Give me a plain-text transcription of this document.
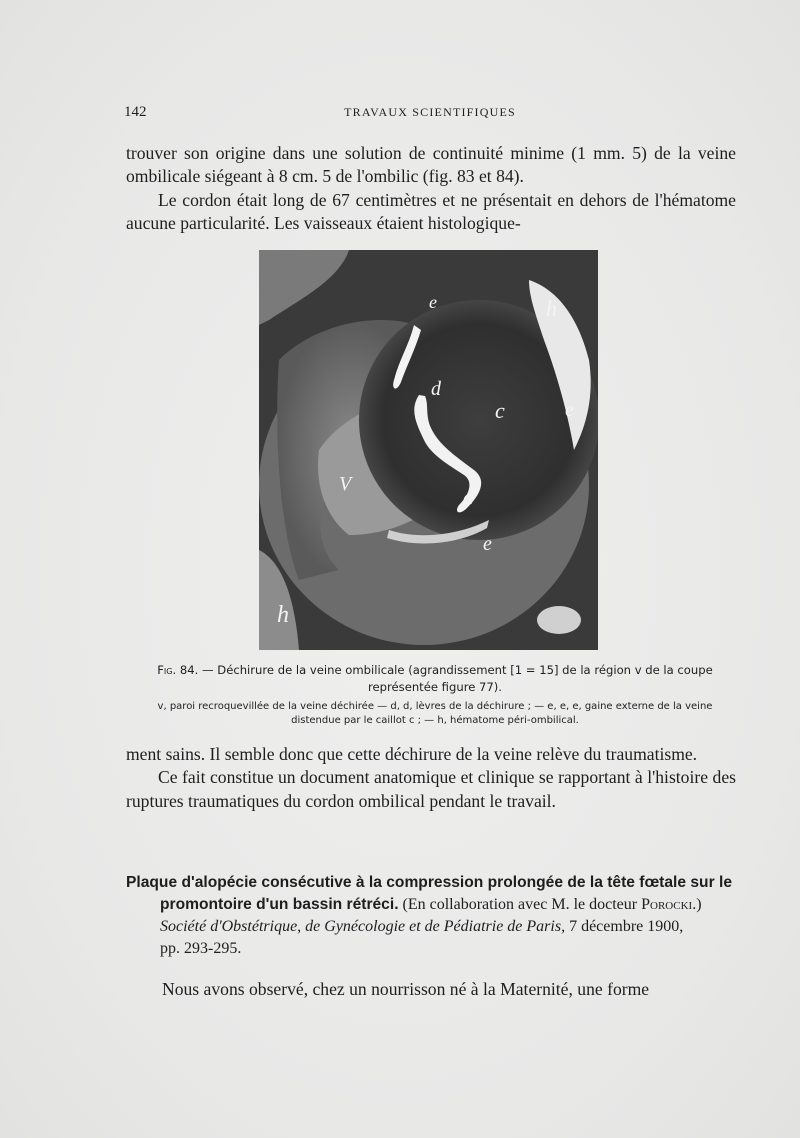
142	TRAVAUX SCIENTIFIQUES

trouver son origine dans une solution de continuité minime (1 mm. 5) de la veine ombilicale siégeant à 8 cm. 5 de l'ombilic (fig. 83 et 84).

Le cordon était long de 67 centimètres et ne présentait en dehors de l'hématome aucune particularité. Les vaisseaux étaient histologique-

e	h
d
c	e
V
d
e
h
Fig. 84. — Déchirure de la veine ombilicale (agrandissement [1 = 15] de la région v de la coupe représentée figure 77).
v, paroi recroquevillée de la veine déchirée — d, d, lèvres de la déchirure ; — e, e, e, gaine externe de la veine distendue par le caillot c ; — h, hématome péri-ombilical.

ment sains. Il semble donc que cette déchirure de la veine relève du traumatisme.

Ce fait constitue un document anatomique et clinique se rapportant à l'histoire des ruptures traumatiques du cordon ombilical pendant le travail.

Plaque d'alopécie consécutive à la compression prolongée de la tête fœtale sur le
promontoire d'un bassin rétréci. (En collaboration avec M. le docteur Porocki.)
Société d'Obstétrique, de Gynécologie et de Pédiatrie de Paris, 7 décembre 1900,
pp. 293-295.

Nous avons observé, chez un nourrisson né à la Maternité, une forme
